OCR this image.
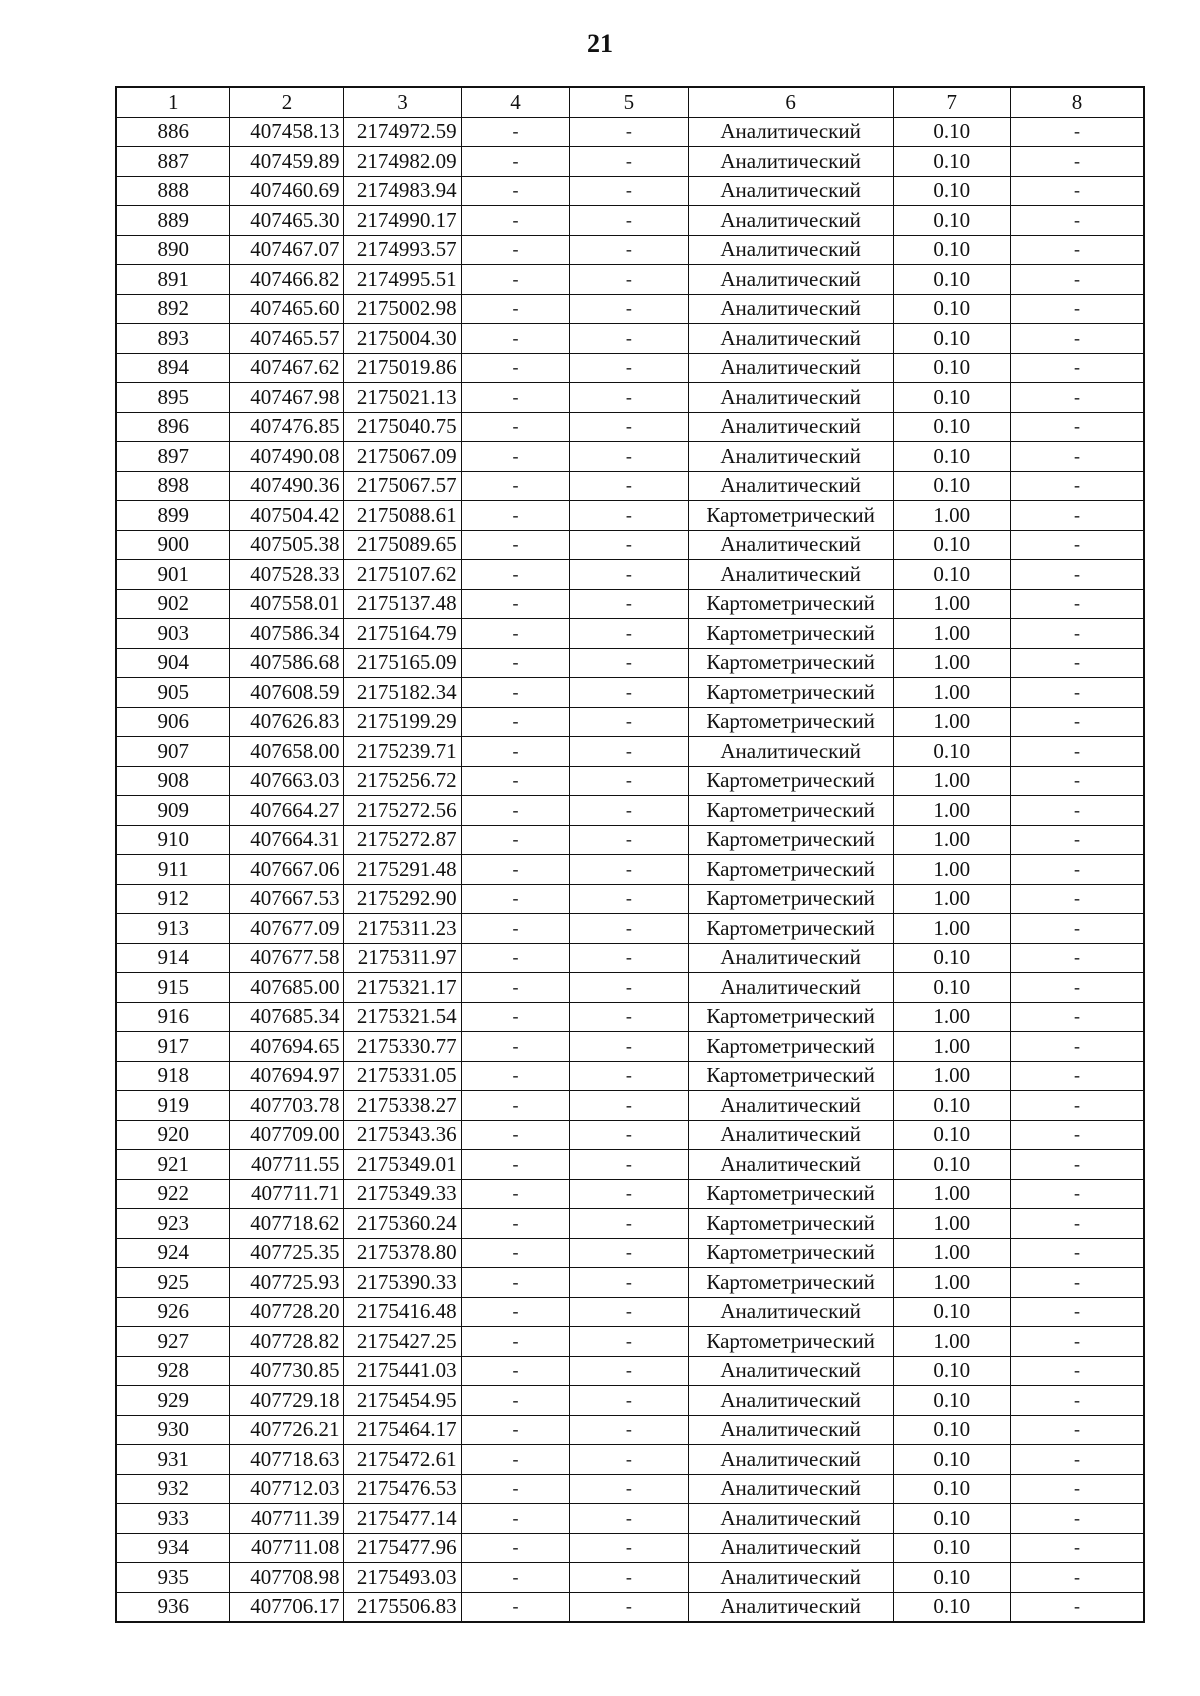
21
1	2	3	4	5	6	7	8
886	407458.13	2174972.59	-	-	Аналитический	0.10	-
887	407459.89	2174982.09	-	-	Аналитический	0.10	-
888	407460.69	2174983.94	-	-	Аналитический	0.10	-
889	407465.30	2174990.17	-	-	Аналитический	0.10	-
890	407467.07	2174993.57	-	-	Аналитический	0.10	-
891	407466.82	2174995.51	-	-	Аналитический	0.10	-
892	407465.60	2175002.98	-	-	Аналитический	0.10	-
893	407465.57	2175004.30	-	-	Аналитический	0.10	-
894	407467.62	2175019.86	-	-	Аналитический	0.10	-
895	407467.98	2175021.13	-	-	Аналитический	0.10	-
896	407476.85	2175040.75	-	-	Аналитический	0.10	-
897	407490.08	2175067.09	-	-	Аналитический	0.10	-
898	407490.36	2175067.57	-	-	Аналитический	0.10	-
899	407504.42	2175088.61	-	-	Картометрический	1.00	-
900	407505.38	2175089.65	-	-	Аналитический	0.10	-
901	407528.33	2175107.62	-	-	Аналитический	0.10	-
902	407558.01	2175137.48	-	-	Картометрический	1.00	-
903	407586.34	2175164.79	-	-	Картометрический	1.00	-
904	407586.68	2175165.09	-	-	Картометрический	1.00	-
905	407608.59	2175182.34	-	-	Картометрический	1.00	-
906	407626.83	2175199.29	-	-	Картометрический	1.00	-
907	407658.00	2175239.71	-	-	Аналитический	0.10	-
908	407663.03	2175256.72	-	-	Картометрический	1.00	-
909	407664.27	2175272.56	-	-	Картометрический	1.00	-
910	407664.31	2175272.87	-	-	Картометрический	1.00	-
911	407667.06	2175291.48	-	-	Картометрический	1.00	-
912	407667.53	2175292.90	-	-	Картометрический	1.00	-
913	407677.09	2175311.23	-	-	Картометрический	1.00	-
914	407677.58	2175311.97	-	-	Аналитический	0.10	-
915	407685.00	2175321.17	-	-	Аналитический	0.10	-
916	407685.34	2175321.54	-	-	Картометрический	1.00	-
917	407694.65	2175330.77	-	-	Картометрический	1.00	-
918	407694.97	2175331.05	-	-	Картометрический	1.00	-
919	407703.78	2175338.27	-	-	Аналитический	0.10	-
920	407709.00	2175343.36	-	-	Аналитический	0.10	-
921	407711.55	2175349.01	-	-	Аналитический	0.10	-
922	407711.71	2175349.33	-	-	Картометрический	1.00	-
923	407718.62	2175360.24	-	-	Картометрический	1.00	-
924	407725.35	2175378.80	-	-	Картометрический	1.00	-
925	407725.93	2175390.33	-	-	Картометрический	1.00	-
926	407728.20	2175416.48	-	-	Аналитический	0.10	-
927	407728.82	2175427.25	-	-	Картометрический	1.00	-
928	407730.85	2175441.03	-	-	Аналитический	0.10	-
929	407729.18	2175454.95	-	-	Аналитический	0.10	-
930	407726.21	2175464.17	-	-	Аналитический	0.10	-
931	407718.63	2175472.61	-	-	Аналитический	0.10	-
932	407712.03	2175476.53	-	-	Аналитический	0.10	-
933	407711.39	2175477.14	-	-	Аналитический	0.10	-
934	407711.08	2175477.96	-	-	Аналитический	0.10	-
935	407708.98	2175493.03	-	-	Аналитический	0.10	-
936	407706.17	2175506.83	-	-	Аналитический	0.10	-
